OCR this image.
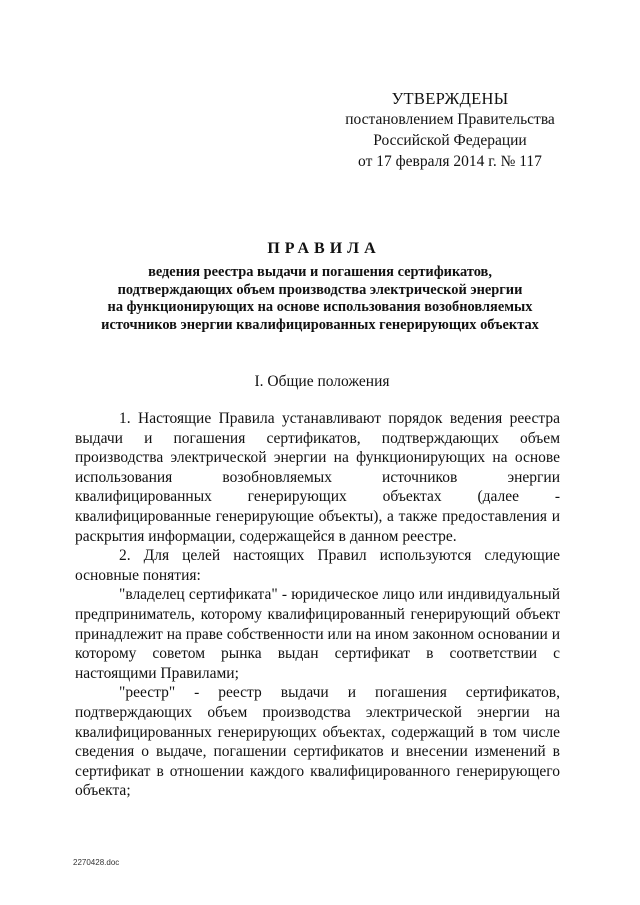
УТВЕРЖДЕНЫ
постановлением Правительства
Российской Федерации
от 17 февраля 2014 г. № 117
ПРАВИЛА
ведения реестра выдачи и погашения сертификатов,
подтверждающих объем производства электрической энергии
на функционирующих на основе использования возобновляемых
источников энергии квалифицированных генерирующих объектах
I. Общие положения

1. Настоящие Правила устанавливают порядок ведения реестра выдачи и погашения сертификатов, подтверждающих объем производства электрической энергии на функционирующих на основе использования возобновляемых источников энергии квалифицированных генерирующих объектах (далее - квалифицированные генерирующие объекты), а также предоставления и раскрытия информации, содержащейся в данном реестре.

2. Для целей настоящих Правил используются следующие основные понятия:

"владелец сертификата" - юридическое лицо или индивидуальный предприниматель, которому квалифицированный генерирующий объект принадлежит на праве собственности или на ином законном основании и которому советом рынка выдан сертификат в соответствии с настоящими Правилами;

"реестр" - реестр выдачи и погашения сертификатов, подтверждающих объем производства электрической энергии на квалифицированных генерирующих объектах, содержащий в том числе сведения о выдаче, погашении сертификатов и внесении изменений в сертификат в отношении каждого квалифицированного генерирующего объекта;

2270428.doc
